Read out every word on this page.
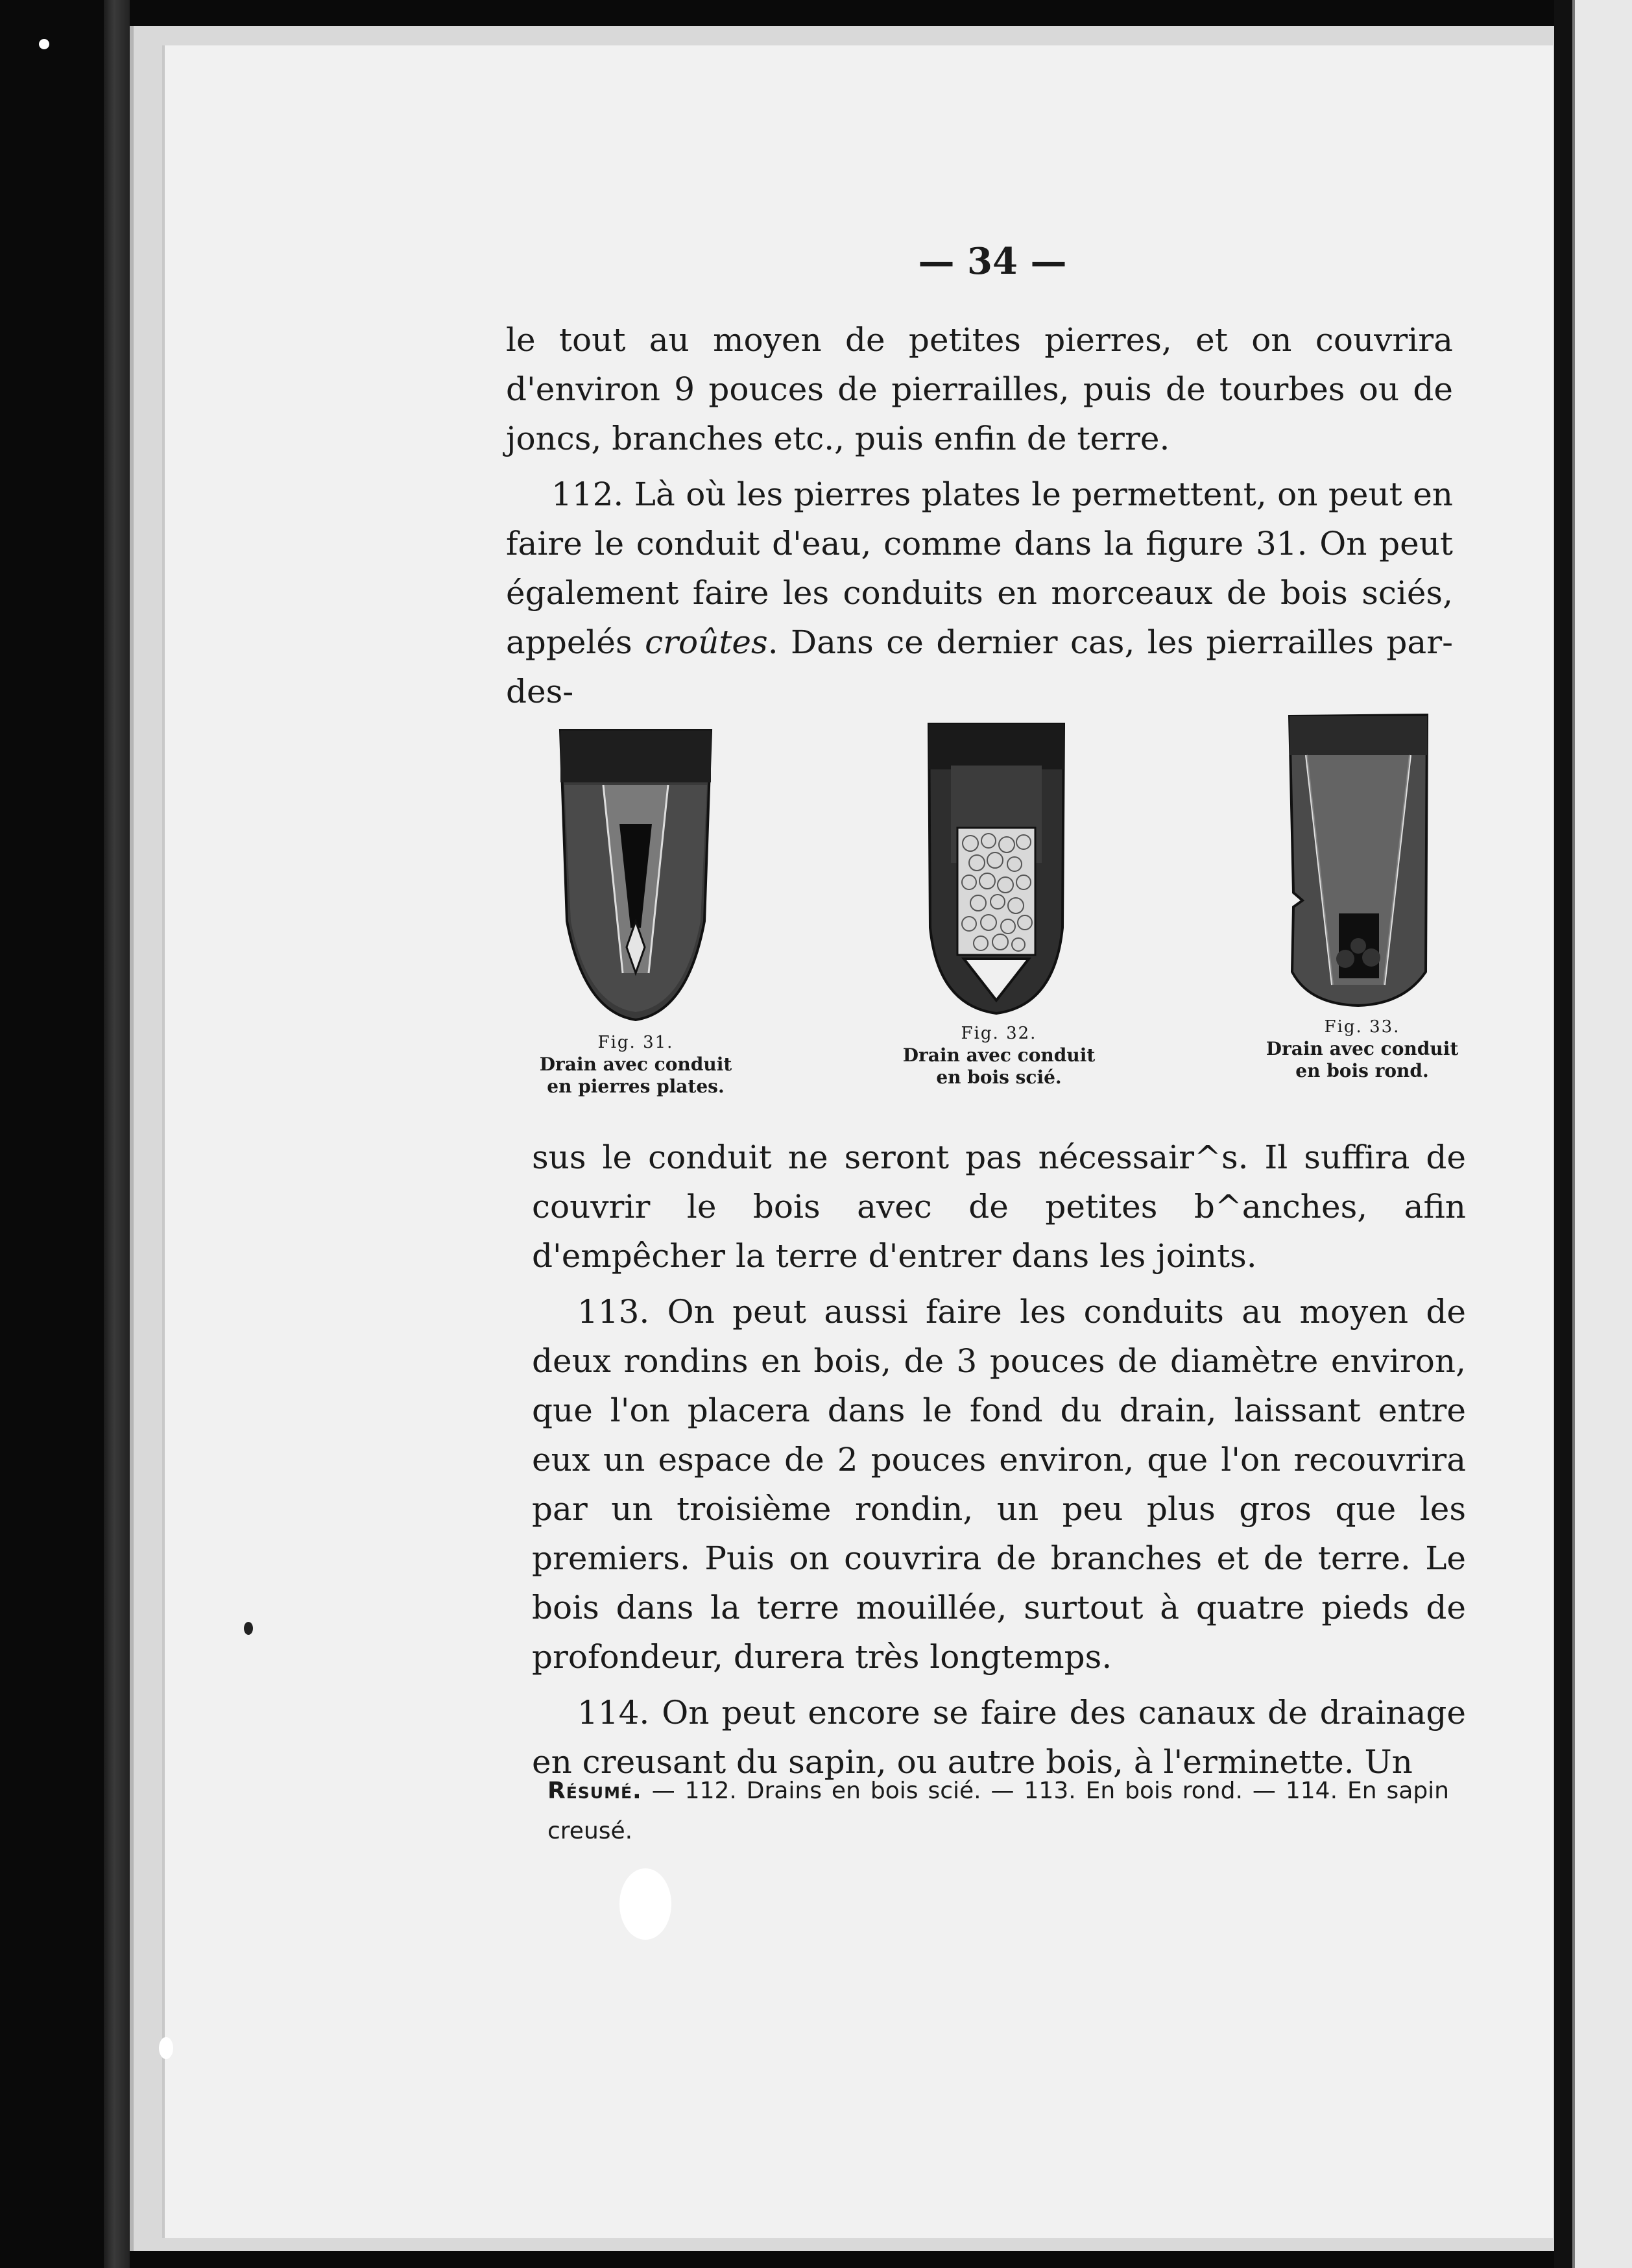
— 34 —

le tout au moyen de petites pierres, et on couvrira d'environ 9 pouces de pierrailles, puis de tourbes ou de joncs, branches etc., puis enfin de terre.

112. Là où les pierres plates le permettent, on peut en faire le conduit d'eau, comme dans la figure 31. On peut également faire les conduits en morceaux de bois sciés, appelés croûtes. Dans ce dernier cas, les pierrailles par-des-

Fig. 31.
Drain avec conduit
en pierres plates.
Fig. 32.
Drain avec conduit
en bois scié.
Fig. 33.
Drain avec conduit
en bois rond.

sus le conduit ne seront pas nécessair^s. Il suffira de couvrir le bois avec de petites b^anches, afin d'empêcher la terre d'entrer dans les joints.

113. On peut aussi faire les conduits au moyen de deux rondins en bois, de 3 pouces de diamètre environ, que l'on placera dans le fond du drain, laissant entre eux un espace de 2 pouces environ, que l'on recouvrira par un troisième rondin, un peu plus gros que les premiers. Puis on couvrira de branches et de terre. Le bois dans la terre mouillée, surtout à quatre pieds de profondeur, durera très longtemps.

114. On peut encore se faire des canaux de drainage en creusant du sapin, ou autre bois, à l'erminette. Un

Résumé. — 112. Drains en bois scié. — 113. En bois rond. — 114. En sapin creusé.
